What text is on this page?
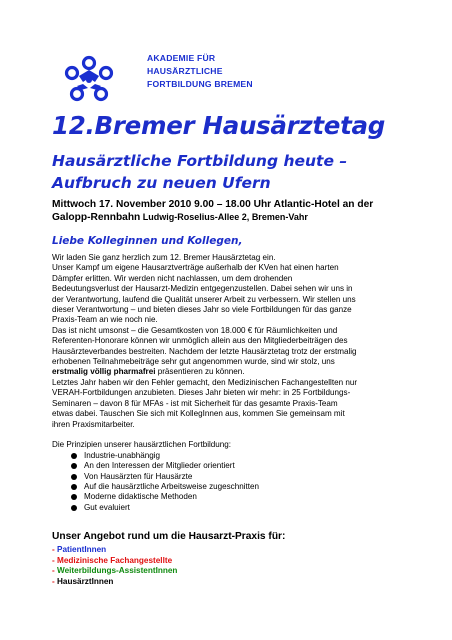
AKADEMIE FÜR
HAUSÄRZTLICHE
FORTBILDUNG BREMEN
12.Bremer Hausärztetag
Hausärztliche Fortbildung heute –
Aufbruch zu neuen Ufern
Mittwoch 17. November 2010 9.00 – 18.00 Uhr Atlantic-Hotel an der
Galopp-Rennbahn Ludwig-Roselius-Allee 2, Bremen-Vahr
Liebe Kolleginnen und Kollegen,

Wir laden Sie ganz herzlich zum 12. Bremer Hausärztetag ein.
Unser Kampf um eigene Hausarztverträge außerhalb der KVen hat einen harten
Dämpfer erlitten. Wir werden nicht nachlassen, um dem drohenden
Bedeutungsverlust der Hausarzt-Medizin entgegenzustellen. Dabei sehen wir uns in
der Verantwortung, laufend die Qualität unserer Arbeit zu verbessern. Wir stellen uns
dieser Verantwortung – und bieten dieses Jahr so viele Fortbildungen für das ganze
Praxis-Team an wie noch nie.
Das ist nicht umsonst – die Gesamtkosten von 18.000 € für Räumlichkeiten und
Referenten-Honorare können wir unmöglich allein aus den Mitgliederbeiträgen des
Hausärzteverbandes bestreiten. Nachdem der letzte Hausärztetag trotz der erstmalig
erhobenen Teilnahmebeiträge sehr gut angenommen wurde, sind wir stolz, uns
erstmalig völlig pharmafrei präsentieren zu können.
Letztes Jahr haben wir den Fehler gemacht, den Medizinischen Fachangestellten nur
VERAH-Fortbildungen anzubieten. Dieses Jahr bieten wir mehr: in 25 Fortbildungs-
Seminaren – davon 8 für MFAs - ist mit Sicherheit für das gesamte Praxis-Team
etwas dabei. Tauschen Sie sich mit KollegInnen aus, kommen Sie gemeinsam mit
ihren Praxismitarbeiter.

Die Prinzipien unserer hausärztlichen Fortbildung:

Industrie-unabhängig
An den Interessen der Mitglieder orientiert
Von Hausärzten für Hausärzte
Auf die hausärztliche Arbeitsweise zugeschnitten
Moderne didaktische Methoden
Gut evaluiert
Unser Angebot rund um die Hausarzt-Praxis für:
- PatientInnen
- Medizinische Fachangestellte
- Weiterbildungs-AssistentInnen
- HausärztInnen
